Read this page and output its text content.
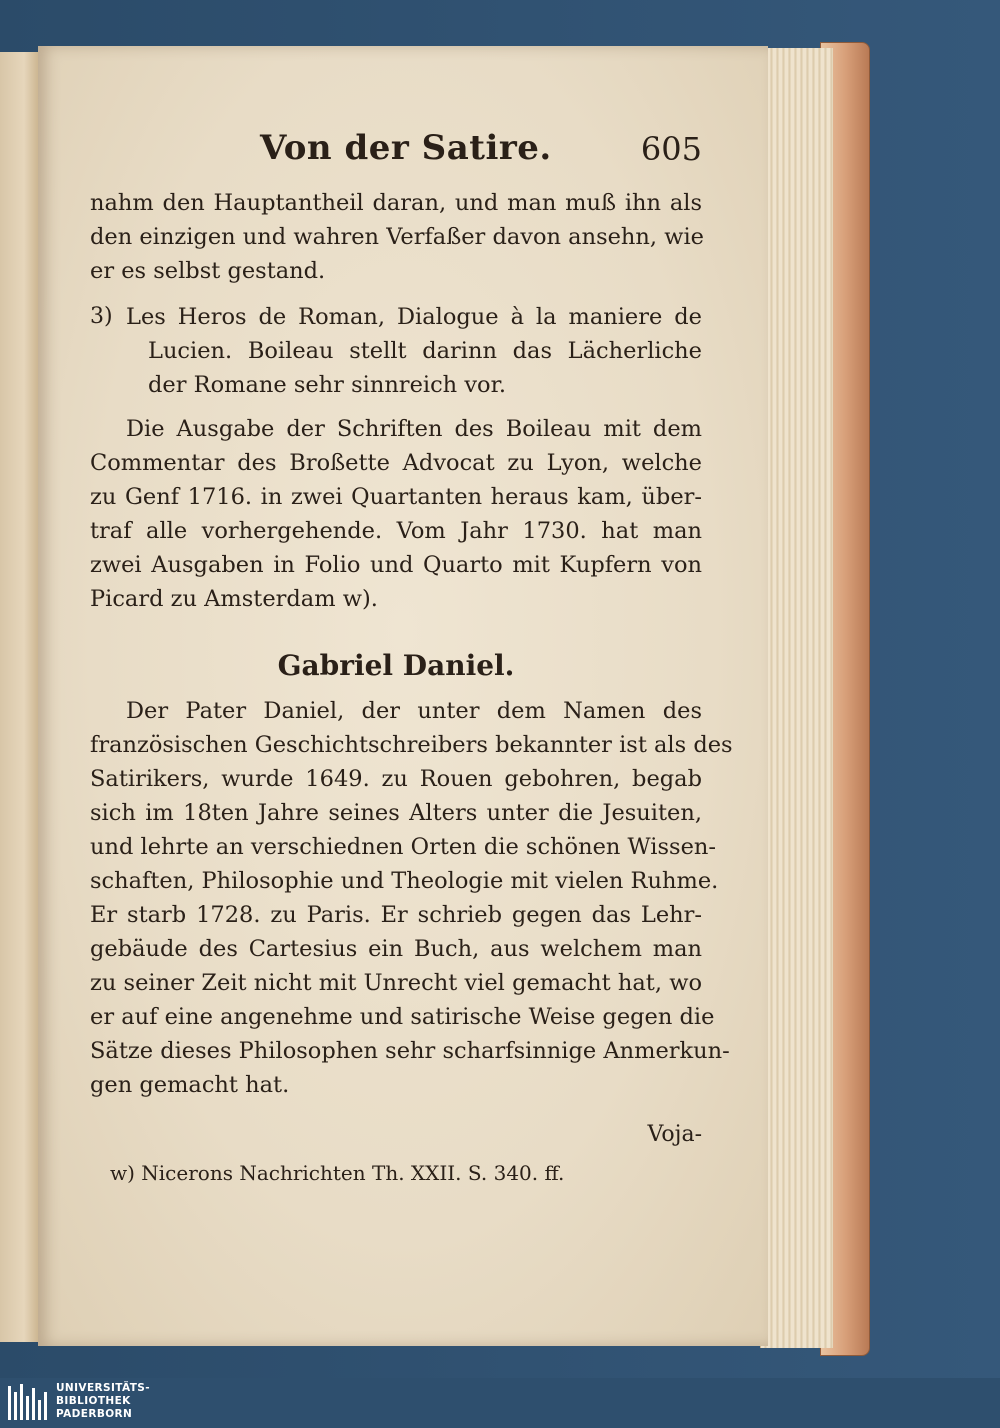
Von der Satire.	605
nahm den Hauptantheil daran, und man muß ihn als
den einzigen und wahren Verfaßer davon ansehn, wie
er es selbst gestand.
3) Les Heros de Roman, Dialogue à la maniere de
Lucien. Boileau stellt darinn das Lächerliche
der Romane sehr sinnreich vor.
Die Ausgabe der Schriften des Boileau mit dem
Commentar des Broßette Advocat zu Lyon, welche
zu Genf 1716. in zwei Quartanten heraus kam, über-
traf alle vorhergehende. Vom Jahr 1730. hat man
zwei Ausgaben in Folio und Quarto mit Kupfern von
Picard zu Amsterdam w).
Gabriel Daniel.
Der Pater Daniel, der unter dem Namen des
französischen Geschichtschreibers bekannter ist als des
Satirikers, wurde 1649. zu Rouen gebohren, begab
sich im 18ten Jahre seines Alters unter die Jesuiten,
und lehrte an verschiednen Orten die schönen Wissen-
schaften, Philosophie und Theologie mit vielen Ruhme.
Er starb 1728. zu Paris. Er schrieb gegen das Lehr-
gebäude des Cartesius ein Buch, aus welchem man
zu seiner Zeit nicht mit Unrecht viel gemacht hat, wo
er auf eine angenehme und satirische Weise gegen die
Sätze dieses Philosophen sehr scharfsinnige Anmerkun-
gen gemacht hat.
Voja-
w) Nicerons Nachrichten Th. XXII. S. 340. ff.
UNIVERSITÄTS-
BIBLIOTHEK
PADERBORN
